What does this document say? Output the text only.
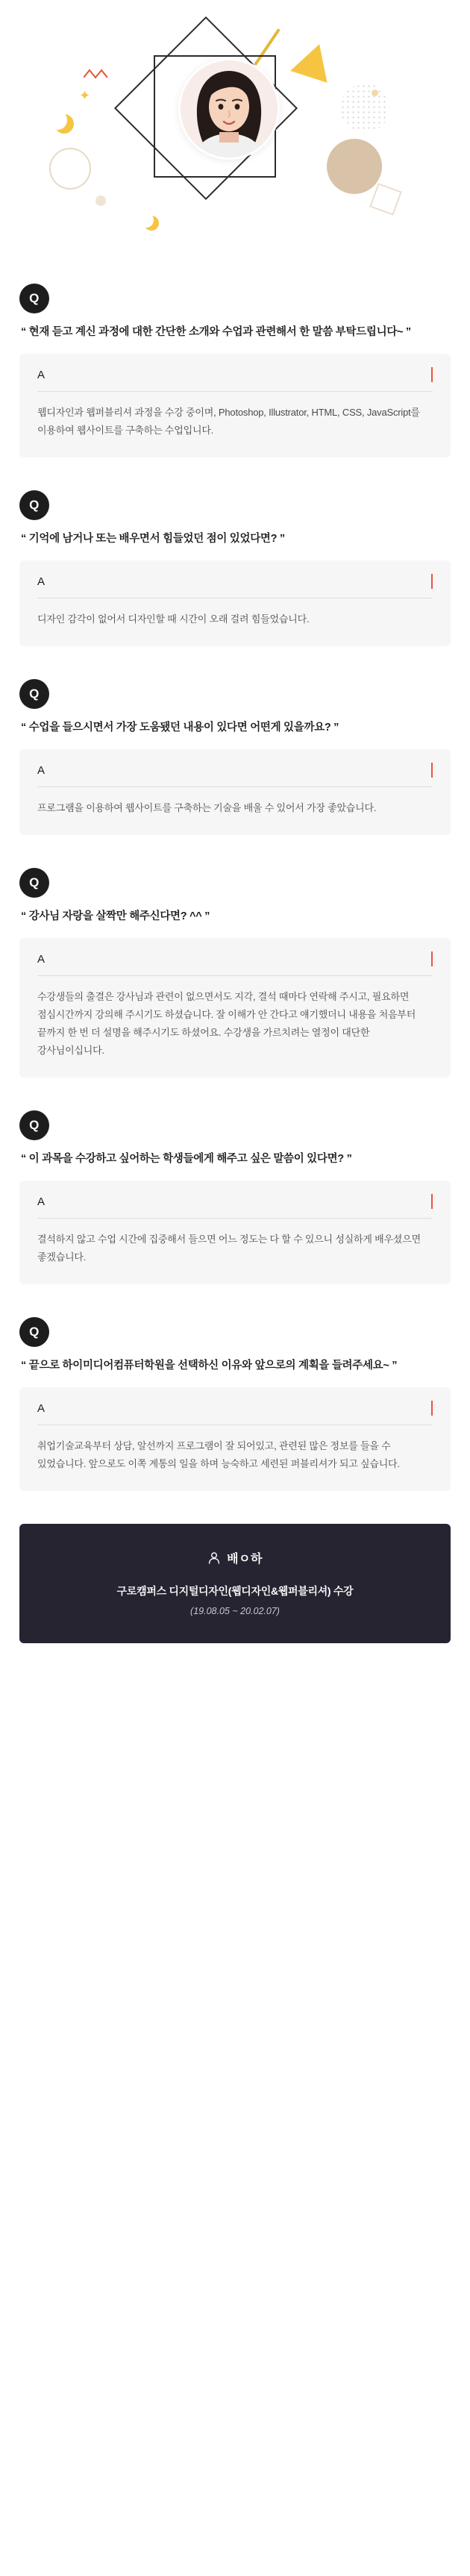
✦
Q
“ 현재 듣고 계신 과정에 대한 간단한 소개와 수업과 관련해서 한 말씀 부탁드립니다~ ”
A
웹디자인과 웹퍼블리셔 과정을 수강 중이며, Photoshop, Illustrator, HTML, CSS, JavaScript를 이용하여 웹사이트를 구축하는 수업입니다.
Q
“ 기억에 남거나 또는 배우면서 힘들었던 점이 있었다면? ”
A
디자인 감각이 없어서 디자인할 때 시간이 오래 걸려 힘들었습니다.
Q
“ 수업을 들으시면서 가장 도움됐던 내용이 있다면 어떤게 있을까요? ”
A
프로그램을 이용하여 웹사이트를 구축하는 기술을 배울 수 있어서 가장 좋았습니다.
Q
“ 강사님 자랑을 살짝만 해주신다면? ^^ ”
A
수강생들의 출결은 강사님과 관련이 없으면서도 지각, 결석 때마다 연락해 주시고, 필요하면 점심시간까지 강의해 주시기도 하셨습니다. 잘 이해가 안 간다고 얘기했더니 내용을 처음부터 끝까지 한 번 더 설명을 해주시기도 하셨어요. 수강생을 가르치려는 열정이 대단한 강사님이십니다.
Q
“ 이 과목을 수강하고 싶어하는 학생들에게 해주고 싶은 말씀이 있다면? ”
A
결석하지 않고 수업 시간에 집중해서 들으면 어느 정도는 다 할 수 있으니 성실하게 배우셨으면 좋겠습니다.
Q
“ 끝으로 하이미디어컴퓨터학원을 선택하신 이유와 앞으로의 계획을 들려주세요~ ”
A
취업기술교육부터 상담, 알선까지 프로그램이 잘 되어있고, 관련된 많은 정보를 들을 수 있었습니다. 앞으로도 이쪽 계통의 일을 하며 능숙하고 세련된 퍼블리셔가 되고 싶습니다.
배ㅇ하
구로캠퍼스 디지털디자인(웹디자인&웹퍼블리셔) 수강
(19.08.05 ~ 20.02.07)
